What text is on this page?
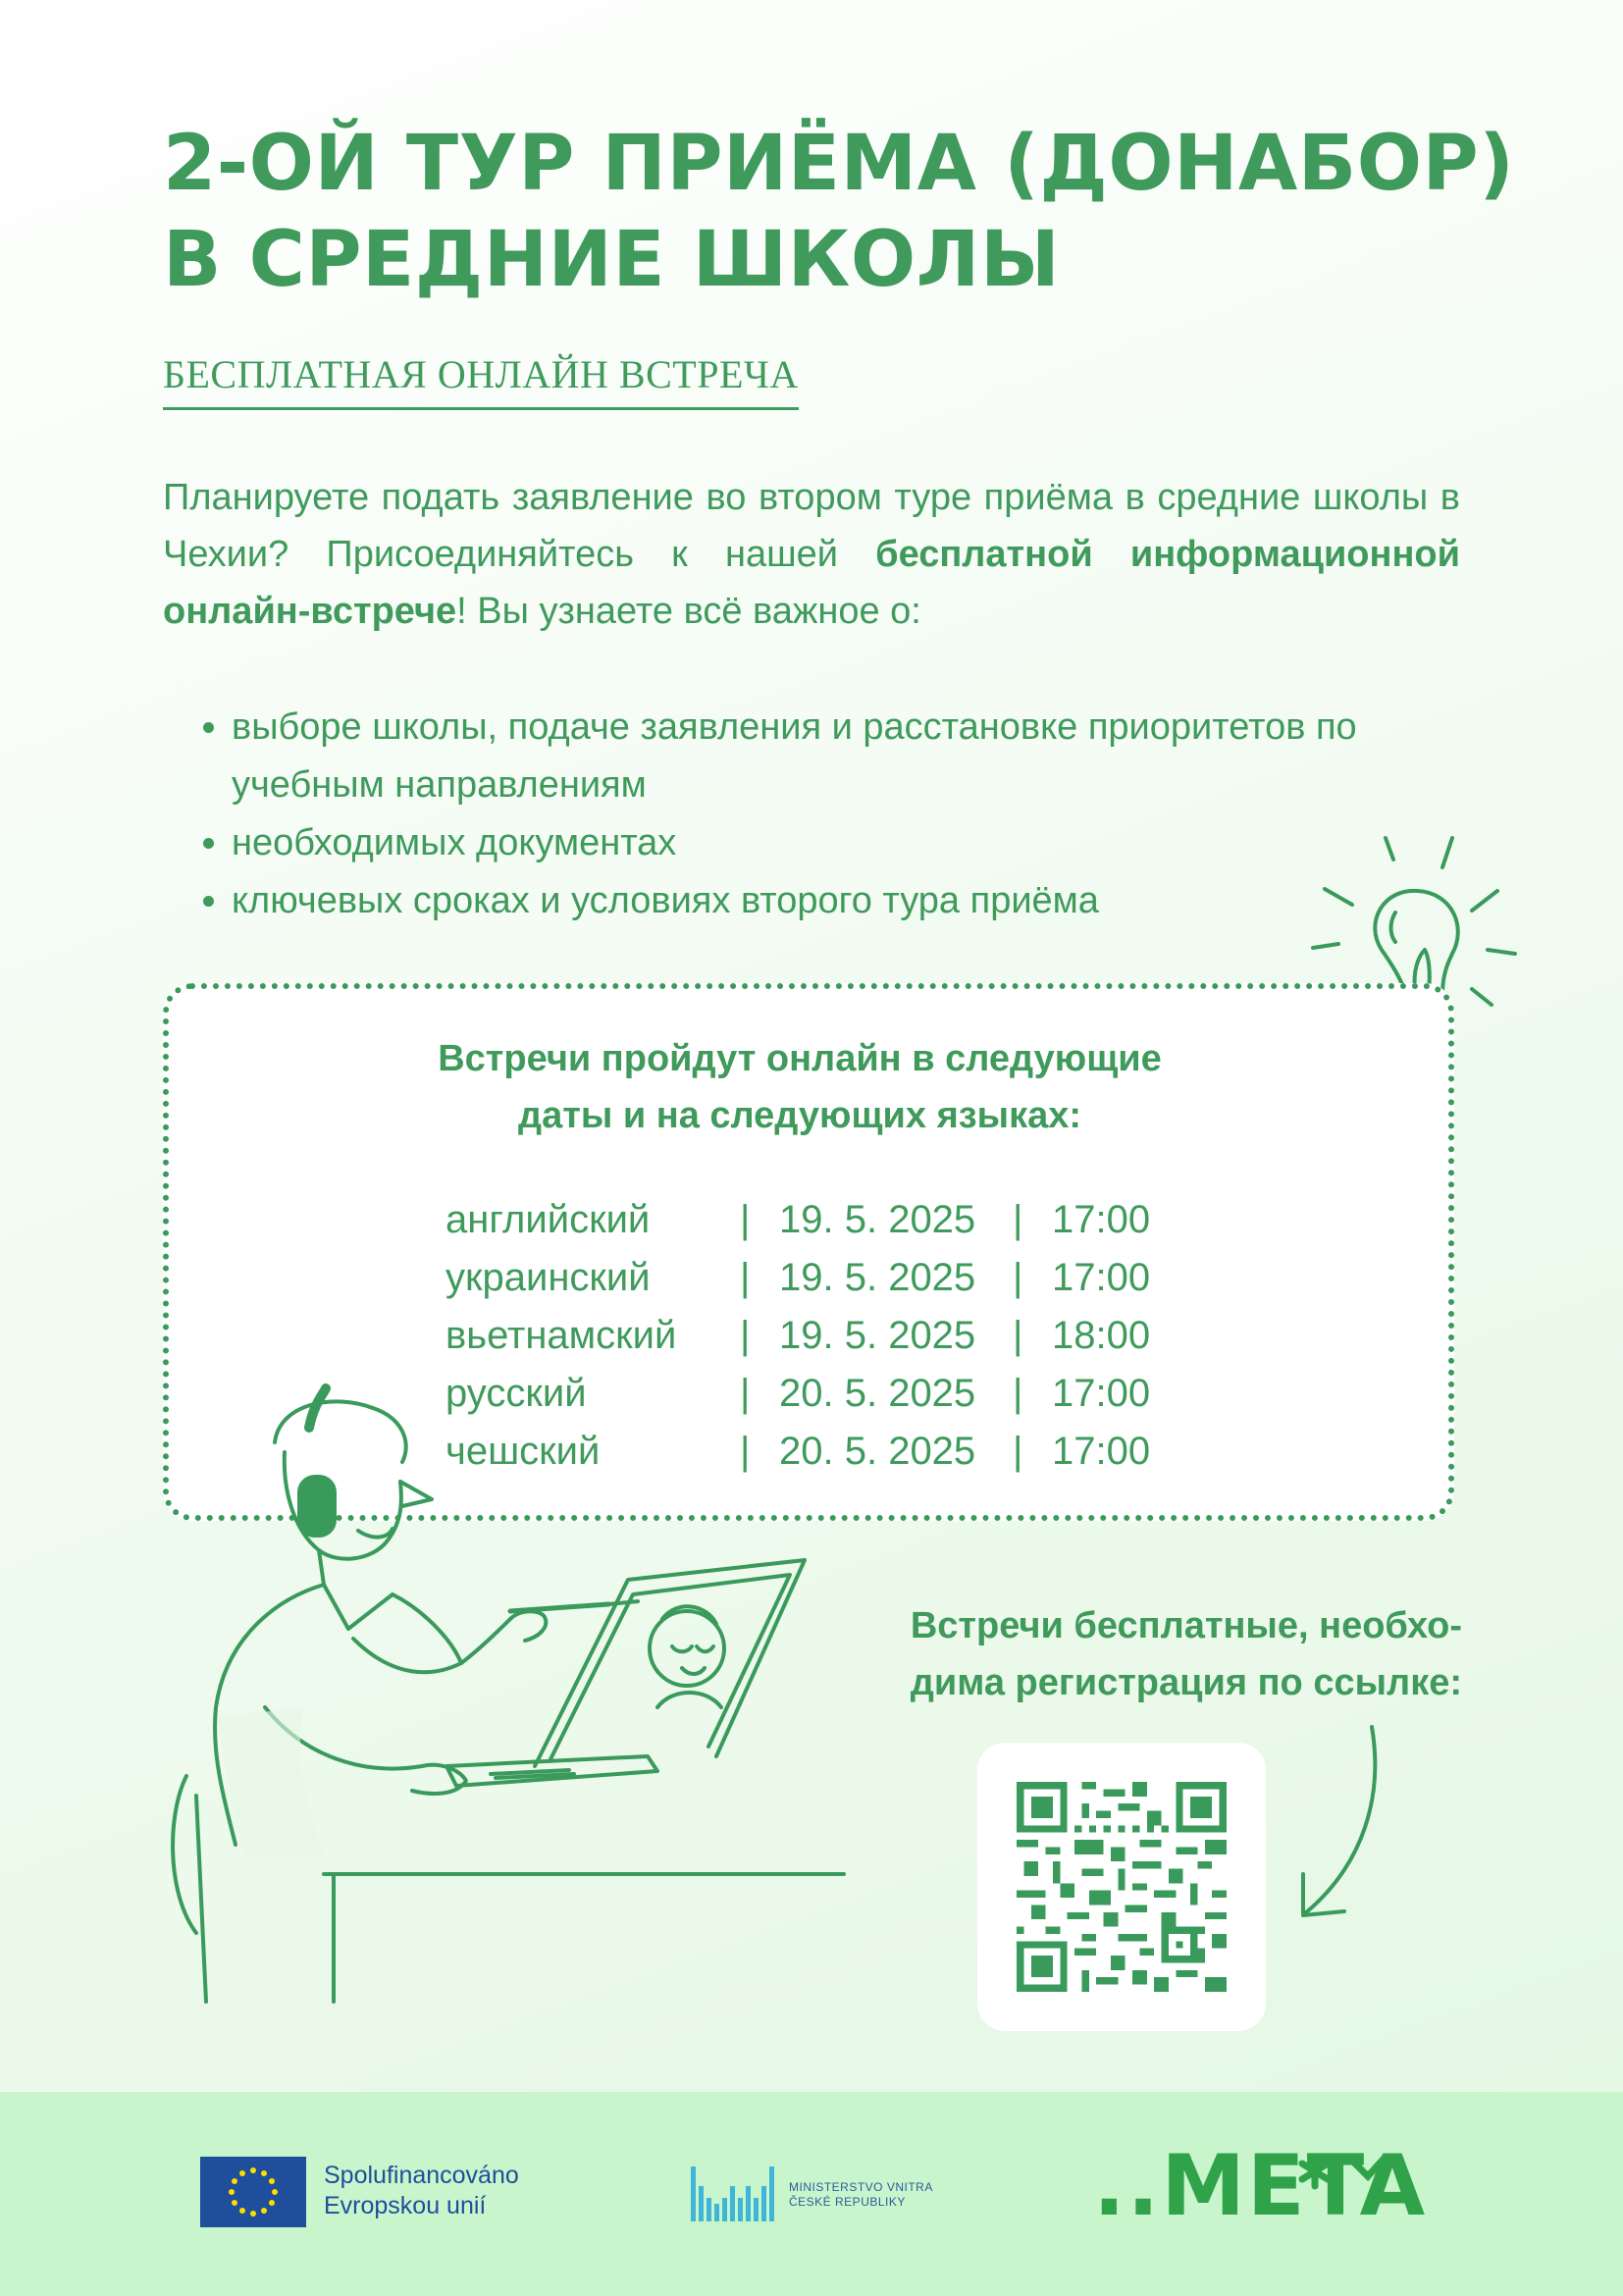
2-ОЙ ТУР ПРИЁМА (ДОНАБОР)
В СРЕДНИЕ ШКОЛЫ
БЕСПЛАТНАЯ ОНЛАЙН ВСТРЕЧА

Планируете подать заявление во втором туре приёма в средние школы в Чехии? Присоединяйтесь к нашей бесплатной информационной онлайн-встрече! Вы узнаете всё важное о:

• выборе школы, подаче заявления и расстановке приоритетов по учебным направлениям
• необходимых документах
• ключевых сроках и условиях второго тура приёма
Встречи пройдут онлайн в следующие
даты и на следующих языках:
английский	|	19. 5. 2025	|	17:00
украинский	|	19. 5. 2025	|	17:00
вьетнамский	|	19. 5. 2025	|	18:00
русский	|	20. 5. 2025	|	17:00
чешский	|	20. 5. 2025	|	17:00
Встречи бесплатные, необхо-
дима регистрация по ссылке:
Spolufinancováno
Evropskou unií
MINISTERSTVO VNITRA
ČESKÉ REPUBLIKY	..META
